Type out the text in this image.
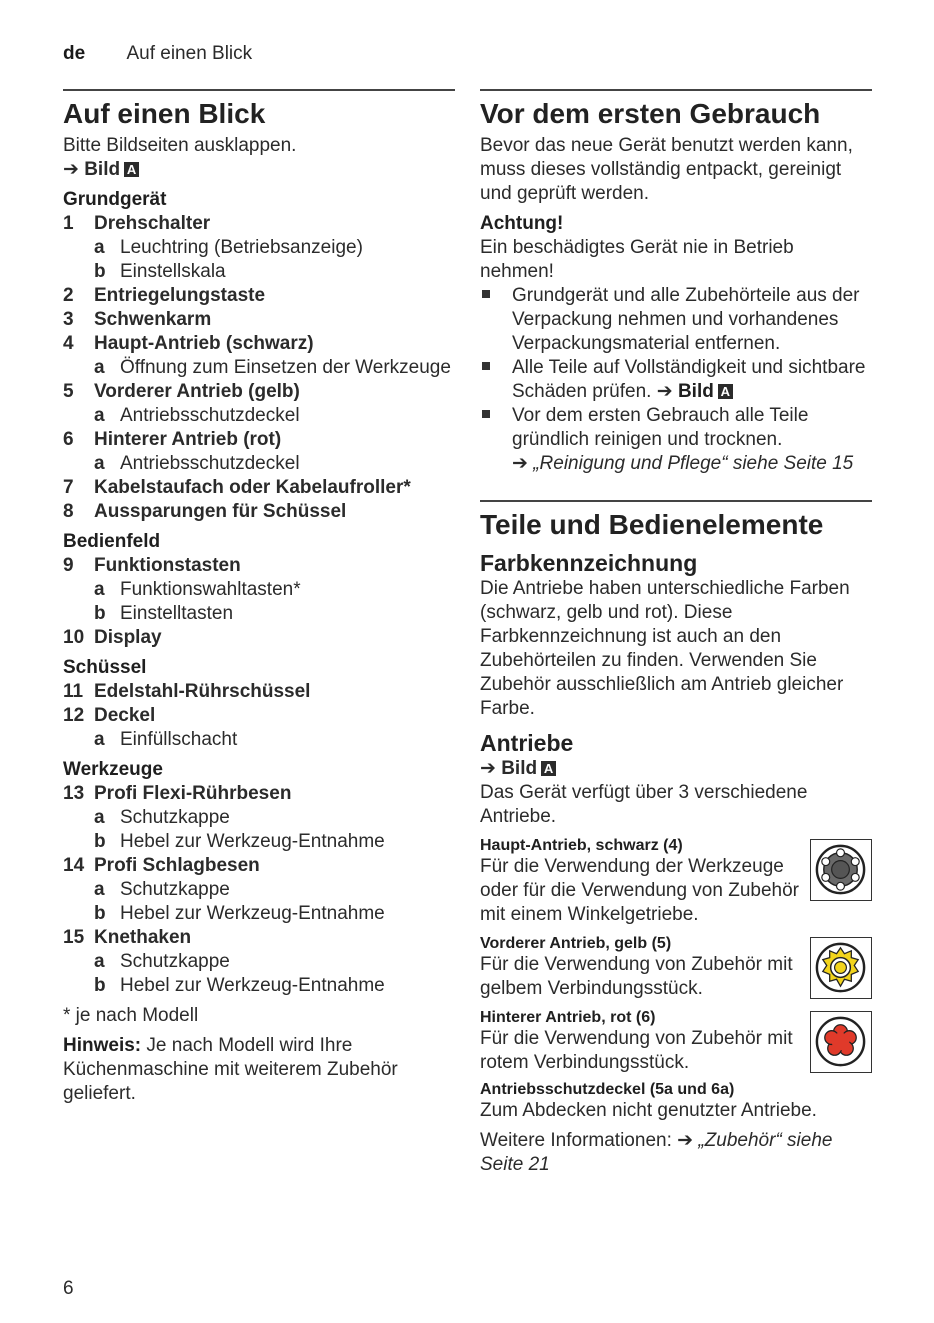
de Auf einen Blick
Auf einen Blick

Bitte Bildseiten ausklappen.

➔ Bild A
Grundgerät
1	Drehschalter
a Leuchtring (Betriebsanzeige)
b Einstellskala
2	Entriegelungstaste
3	Schwenkarm
4	Haupt-Antrieb (schwarz)
a Öffnung zum Einsetzen der Werkzeuge
5	Vorderer Antrieb (gelb)
a Antriebsschutzdeckel
6	Hinterer Antrieb (rot)
a Antriebsschutzdeckel
7	Kabelstaufach oder Kabelaufroller*
8	Aussparungen für Schüssel
Bedienfeld
9	Funktionstasten
a Funktionswahltasten*
b Einstelltasten
10 Display
Schüssel
11 Edelstahl-Rührschüssel
12 Deckel
a Einfüllschacht
Werkzeuge
13 Profi Flexi-Rührbesen
a Schutzkappe
b Hebel zur Werkzeug-Entnahme
14 Profi Schlagbesen
a Schutzkappe
b Hebel zur Werkzeug-Entnahme
15 Knethaken
a Schutzkappe
b Hebel zur Werkzeug-Entnahme

* je nach Modell

Hinweis: Je nach Modell wird Ihre Küchenmaschine mit weiterem Zubehör geliefert.

Vor dem ersten Gebrauch

Bevor das neue Gerät benutzt werden kann, muss dieses vollständig entpackt, gereinigt und geprüft werden.

Achtung!

Ein beschädigtes Gerät nie in Betrieb nehmen!

Grundgerät und alle Zubehörteile aus der Verpackung nehmen und vorhandenes Verpackungsmaterial entfernen.
Alle Teile auf Vollständigkeit und sichtbare Schäden prüfen. ➔ Bild A
Vor dem ersten Gebrauch alle Teile gründlich reinigen und trocknen.
➔ „Reinigung und Pflege“ siehe Seite 15
Teile und Bedienelemente
Farbkennzeichnung

Die Antriebe haben unterschiedliche Farben (schwarz, gelb und rot). Diese Farbkennzeichnung ist auch an den Zubehörteilen zu finden. Verwenden Sie Zubehör ausschließlich am Antrieb gleicher Farbe.

Antriebe
➔ Bild A

Das Gerät verfügt über 3 verschiedene Antriebe.

Haupt-Antrieb, schwarz (4)

Für die Verwendung der Werkzeuge oder für die Verwendung von Zubehör mit einem Winkelgetriebe.

Vorderer Antrieb, gelb (5)

Für die Verwendung von Zubehör mit gelbem Verbindungsstück.

Hinterer Antrieb, rot (6)

Für die Verwendung von Zubehör mit rotem Verbindungsstück.

Antriebsschutzdeckel (5a und 6a)

Zum Abdecken nicht genutzter Antriebe.

Weitere Informationen: ➔ „Zubehör“ siehe Seite 21

6
